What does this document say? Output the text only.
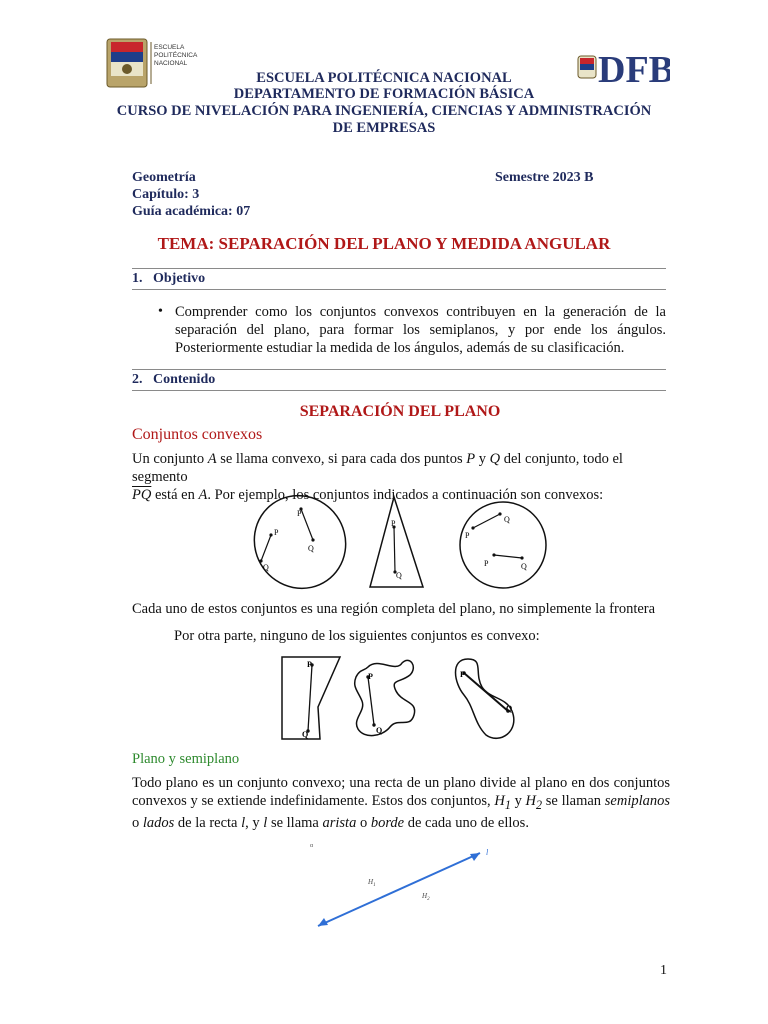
ESCUELA
POLITÉCNICA
NACIONAL	DFB
ESCUELA POLITÉCNICA NACIONAL
DEPARTAMENTO DE FORMACIÓN BÁSICA
CURSO DE NIVELACIÓN PARA INGENIERÍA, CIENCIAS Y ADMINISTRACIÓN
DE EMPRESAS
Geometría
Capítulo: 3
Guía académica: 07
Semestre 2023 B
TEMA: SEPARACIÓN DEL PLANO Y MEDIDA ANGULAR
1. Objetivo
• Comprender como los conjuntos convexos contribuyen en la generación de la separación del plano, para formar los semiplanos, y por ende los ángulos. Posteriormente estudiar la medida de los ángulos, además de su clasificación.
2. Contenido
SEPARACIÓN DEL PLANO
Conjuntos convexos
Un conjunto A se llama convexo, si para cada dos puntos P y Q del conjunto, todo el segmento
$\overline{PQ}$ está en A. Por ejemplo, los conjuntos indicados a continuación son convexos:
P
Q
P
Q
P
Q
P
Q
P	Q
Cada uno de estos conjuntos es una región completa del plano, no simplemente la frontera
Por otra parte, ninguno de los siguientes conjuntos es convexo:
P
Q
P
Q
P
Q
Plano y semiplano
Todo plano es un conjunto convexo; una recta de un plano divide al plano en dos conjuntos convexos y se extiende indefinidamente. Estos dos conjuntos, $H_1$ y $H_2$ se llaman semiplanos o lados de la recta l, y l se llama arista o borde de cada uno de ellos.
α
l
$H_1$
$H_2$
1
